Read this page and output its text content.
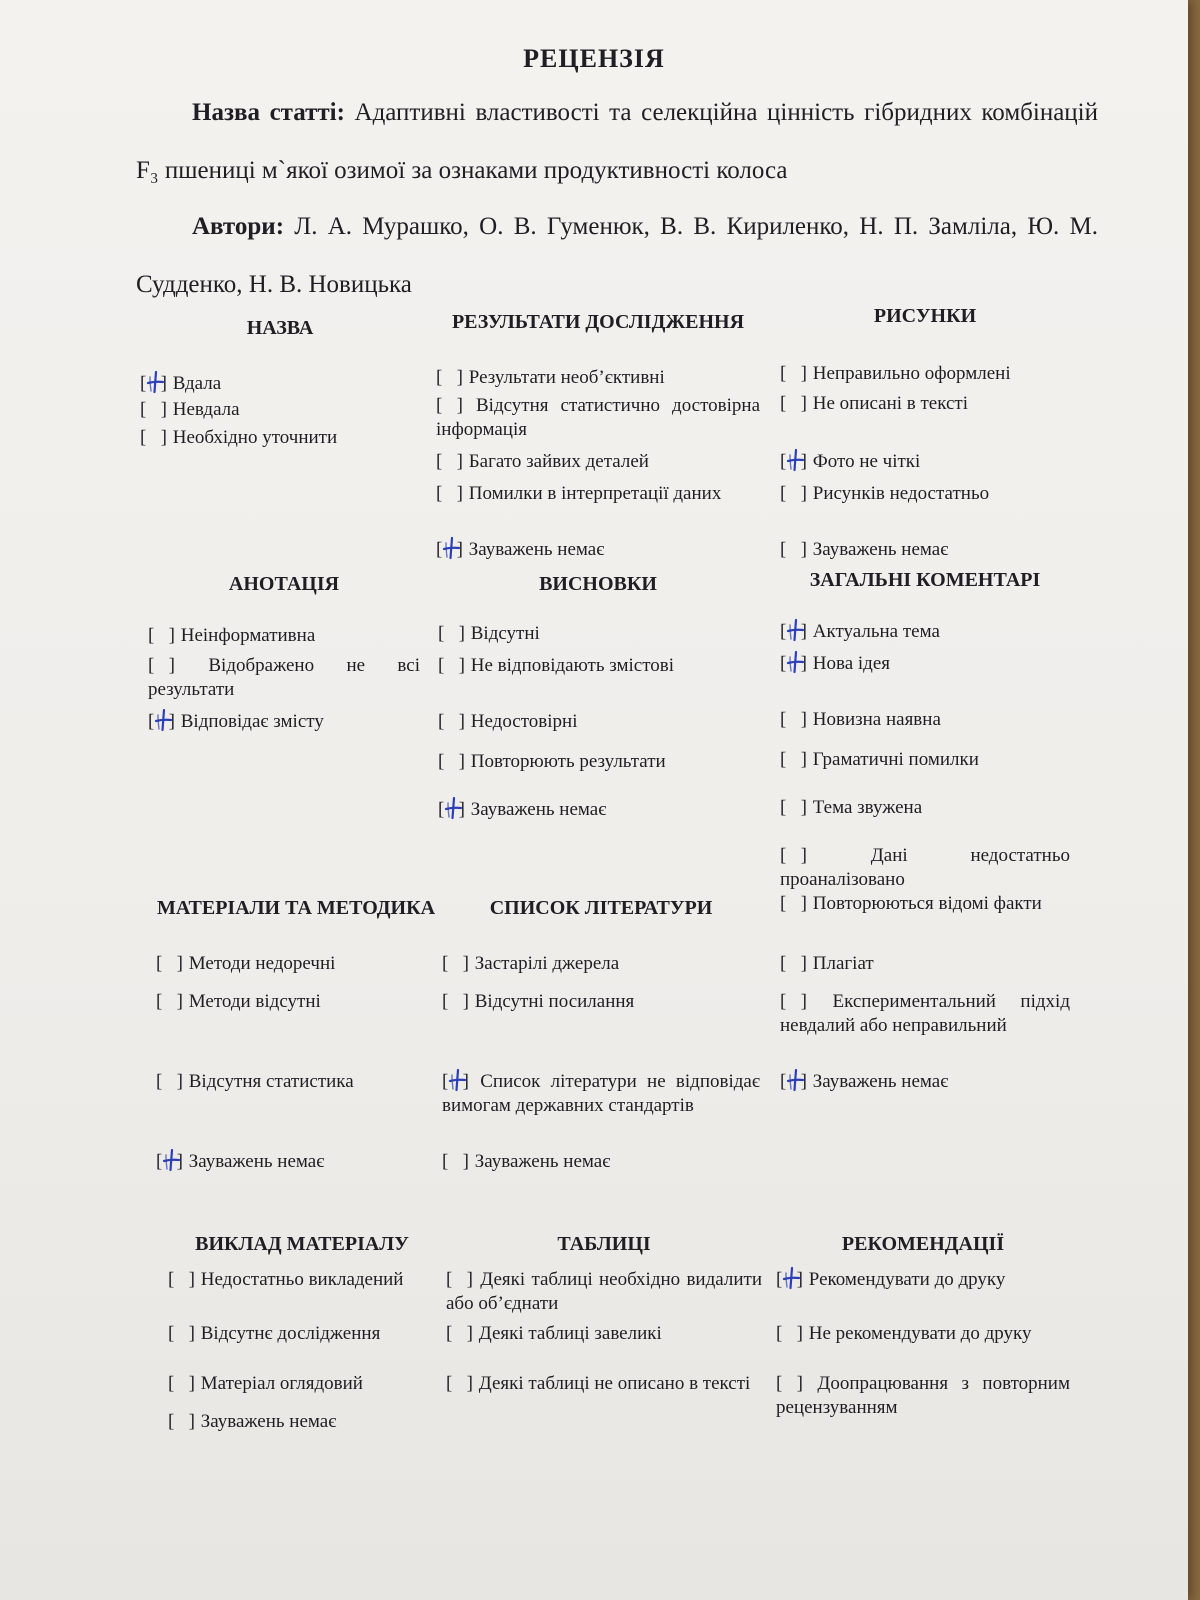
РЕЦЕНЗІЯ
Назва статті: Адаптивні властивості та селекційна цінність гібридних комбінацій F₃ пшениці м`якої озимої за ознаками продуктивності колоса
Автори: Л. А. Мурашко, О. В. Гуменюк, В. В. Кириленко, Н. П. Замліла, Ю. М. Судденко, Н. В. Новицька
НАЗВА
[   ]
Вдала
[   ] Невдала
[   ] Необхідно уточнити
РЕЗУЛЬТАТИ ДОСЛІДЖЕННЯ
[   ] Результати необ’єктивні
[   ] Відсутня статистично достовірна інформація
[   ] Багато зайвих деталей
[   ] Помилки в інтерпретації даних
[   ]
Зауважень немає
РИСУНКИ
[   ] Неправильно оформлені
[   ] Не описані в тексті
[   ]
Фото не чіткі
[   ] Рисунків недостатньо
[   ] Зауважень немає
АНОТАЦІЯ
[   ] Неінформативна
[   ] Відображено не всі результати
[   ]
Відповідає змісту
ВИСНОВКИ
[   ] Відсутні
[   ] Не відповідають змістові
[   ] Недостовірні
[   ] Повторюють результати
[   ]
Зауважень немає
ЗАГАЛЬНІ КОМЕНТАРІ
[   ]
Актуальна тема
[   ]
Нова ідея
[   ] Новизна наявна
[   ] Граматичні помилки
[   ] Тема звужена
[   ] Дані недостатньо проаналізовано
[   ] Повторюються відомі факти
[   ] Плагіат
[   ] Експериментальний підхід невдалий або неправильний
[   ]
Зауважень немає
МАТЕРІАЛИ ТА МЕТОДИКА
[   ] Методи недоречні
[   ] Методи відсутні
[   ] Відсутня статистика
[   ]
Зауважень немає
СПИСОК ЛІТЕРАТУРИ
[   ] Застарілі джерела
[   ] Відсутні посилання
[   ]
Список літератури не відповідає вимогам державних стандартів
[   ] Зауважень немає
ВИКЛАД МАТЕРІАЛУ
[   ] Недостатньо викладений
[   ] Відсутнє дослідження
[   ] Матеріал оглядовий
[   ] Зауважень немає
ТАБЛИЦІ
[   ] Деякі таблиці необхідно видалити або об’єднати
[   ] Деякі таблиці завеликі
[   ] Деякі таблиці не описано в тексті
РЕКОМЕНДАЦІЇ
[   ]
Рекомендувати до друку
[   ] Не рекомендувати до друку
[   ] Доопрацювання з повторним рецензуванням
